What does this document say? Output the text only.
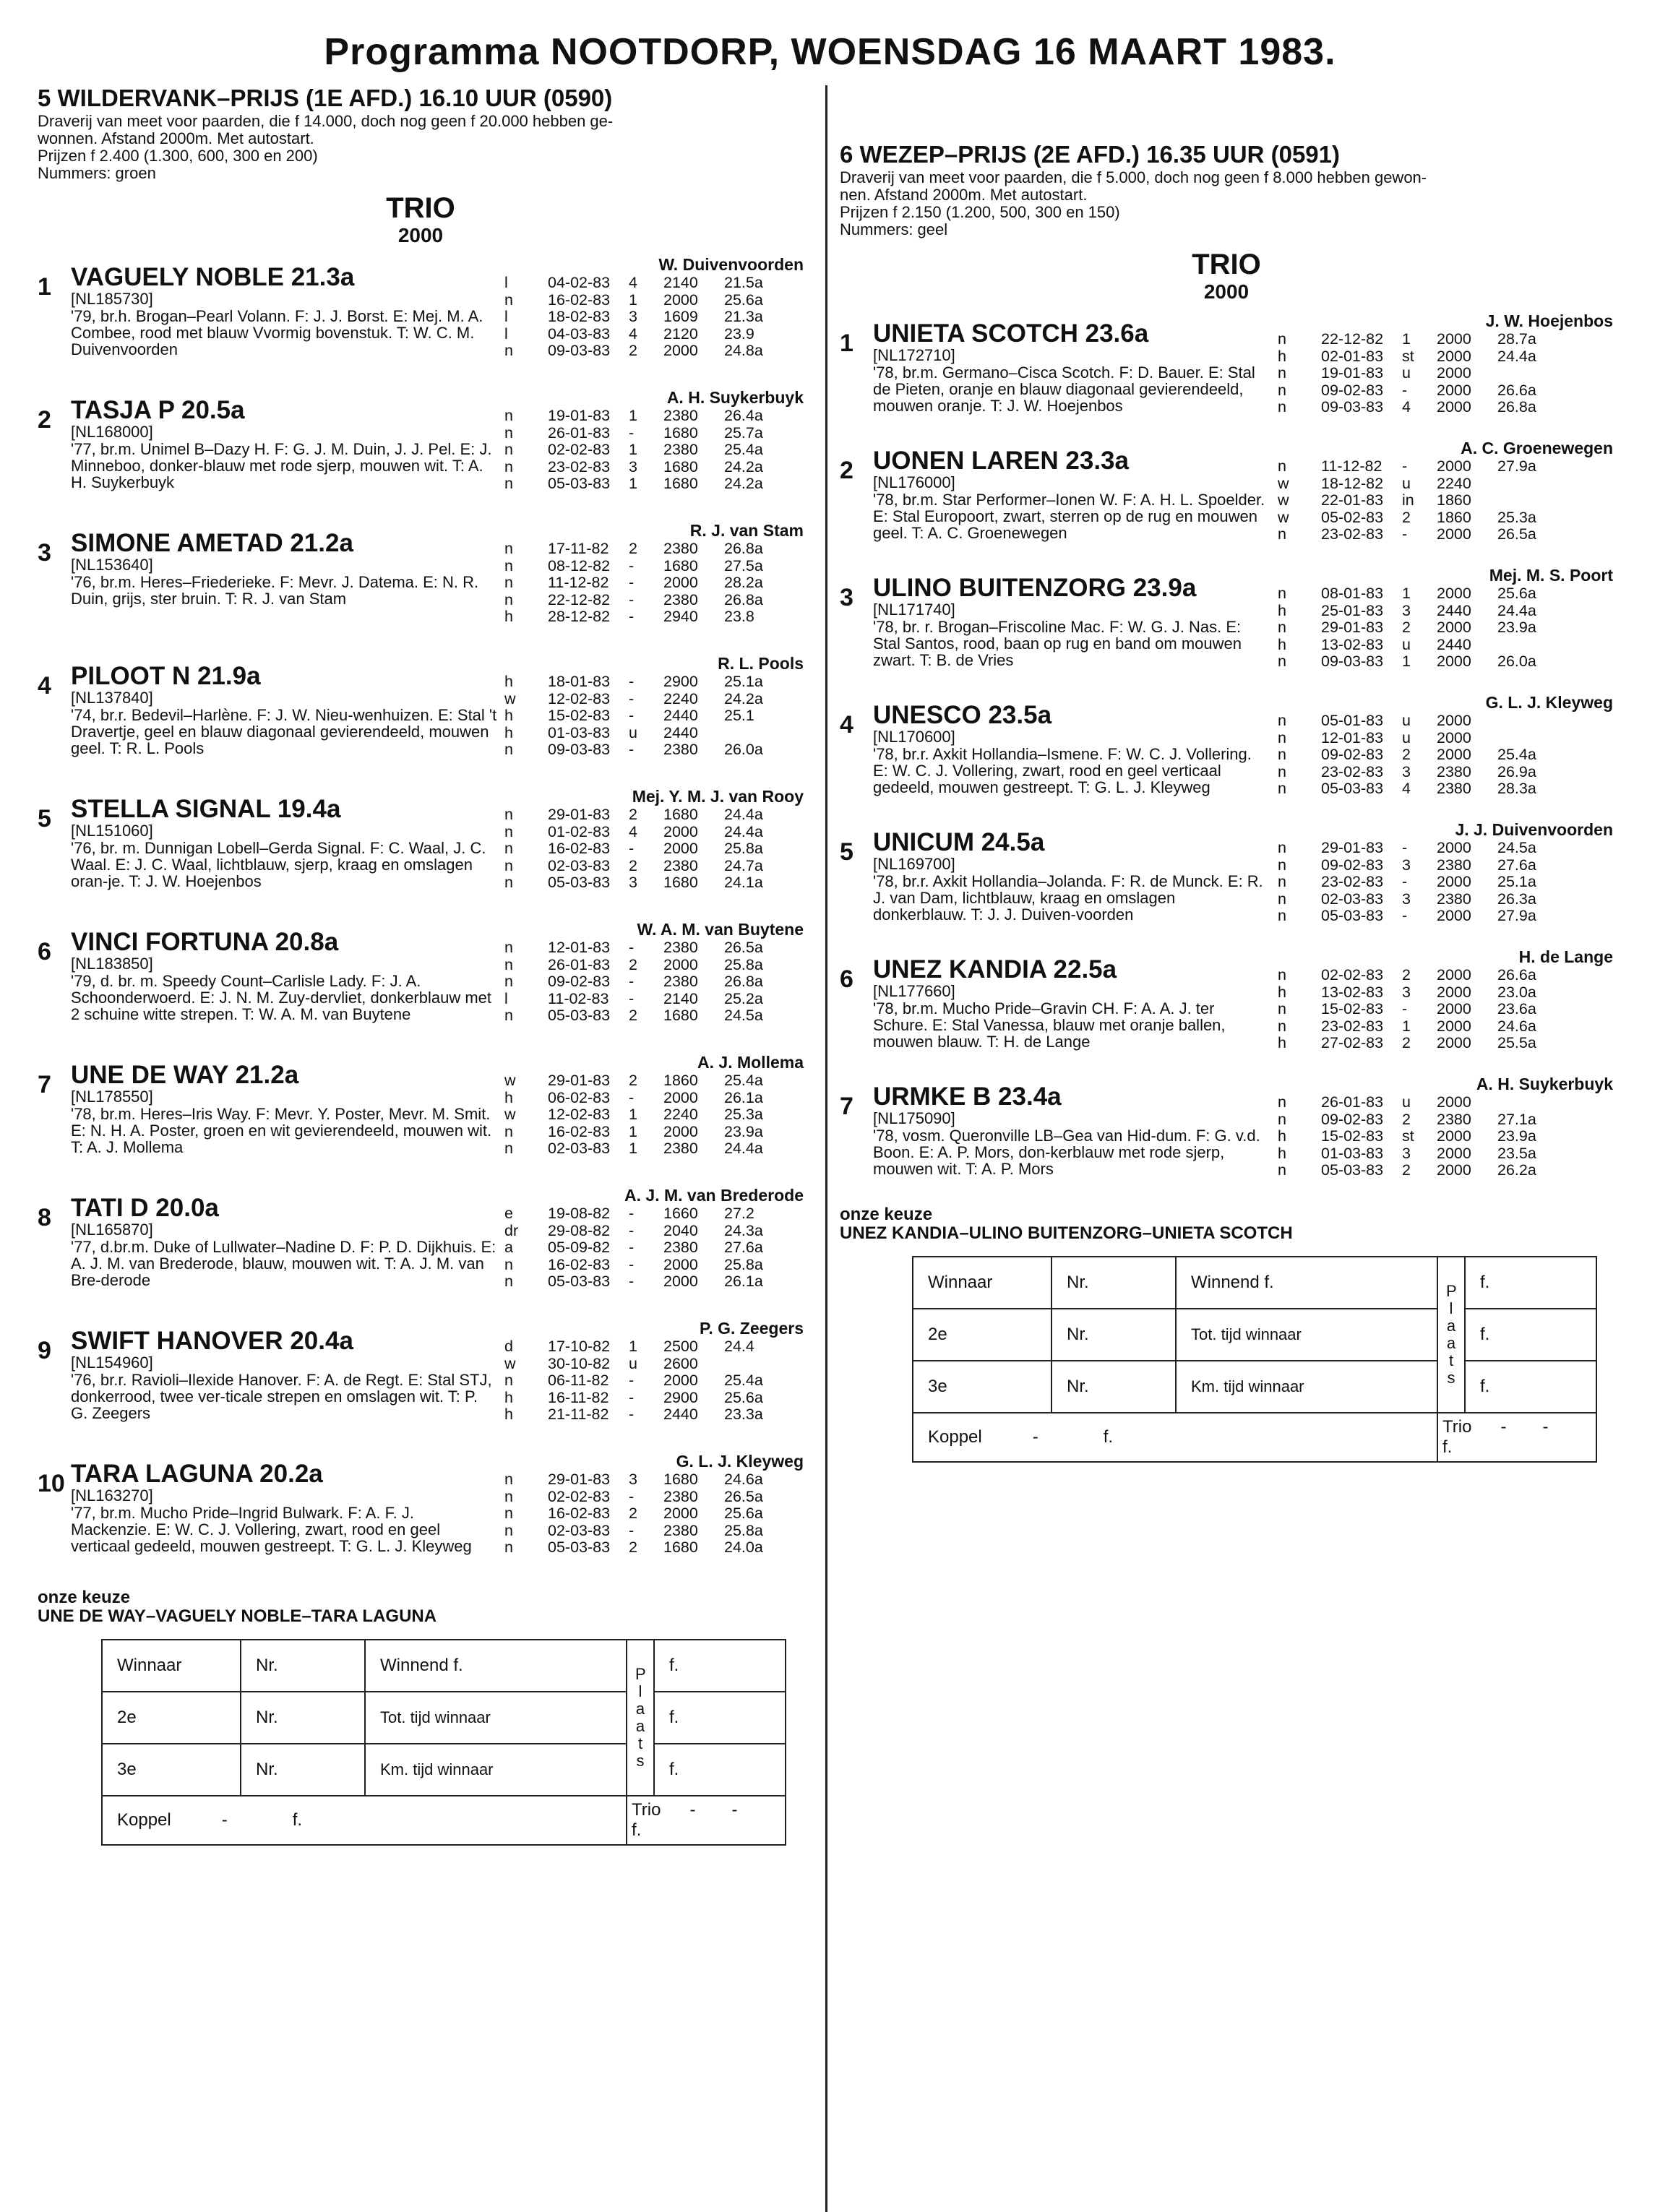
Programma NOOTDORP, WOENSDAG 16 MAART 1983.
5 WILDERVANK–PRIJS (1E AFD.) 16.10 UUR (0590)
Draverij van meet voor paarden, die f 14.000, doch nog geen f 20.000 hebben ge-
wonnen. Afstand 2000m. Met autostart.
Prijzen f 2.400 (1.300, 600, 300 en 200)
Nummers: groen
TRIO
2000
1 VAGUELY NOBLE 21.3a
[NL185730]
'79, br.h. Brogan–Pearl Volann. F: J. J. Borst. E: Mej. M. A. Combee, rood met blauw Vvormig bovenstuk. T: W. C. M. Duivenvoorden
W. Duivenvoorden
l	04-02-83	4	2140	21.5a
n	16-02-83	1	2000	25.6a
l	18-02-83	3	1609	21.3a
l	04-03-83	4	2120	23.9
n	09-03-83	2	2000	24.8a
2 TASJA P 20.5a
[NL168000]
'77, br.m. Unimel B–Dazy H. F: G. J. M. Duin, J. J. Pel. E: J. Minneboo, donker-blauw met rode sjerp, mouwen wit. T: A. H. Suykerbuyk
A. H. Suykerbuyk
n	19-01-83	1	2380	26.4a
n	26-01-83	-	1680	25.7a
n	02-02-83	1	2380	25.4a
n	23-02-83	3	1680	24.2a
n	05-03-83	1	1680	24.2a
3 SIMONE AMETAD 21.2a
[NL153640]
'76, br.m. Heres–Friederieke. F: Mevr. J. Datema. E: N. R. Duin, grijs, ster bruin. T: R. J. van Stam
R. J. van Stam
n	17-11-82	2	2380	26.8a
n	08-12-82	-	1680	27.5a
n	11-12-82	-	2000	28.2a
n	22-12-82	-	2380	26.8a
h	28-12-82	-	2940	23.8
4 PILOOT N 21.9a
[NL137840]
'74, br.r. Bedevil–Harlène. F: J. W. Nieu-wenhuizen. E: Stal 't Dravertje, geel en blauw diagonaal gevierendeeld, mouwen geel. T: R. L. Pools
R. L. Pools
h	18-01-83	-	2900	25.1a
w	12-02-83	-	2240	24.2a
h	15-02-83	-	2440	25.1
h	01-03-83	u	2440	
n	09-03-83	-	2380	26.0a
5 STELLA SIGNAL 19.4a
[NL151060]
'76, br. m. Dunnigan Lobell–Gerda Signal. F: C. Waal, J. C. Waal. E: J. C. Waal, lichtblauw, sjerp, kraag en omslagen oran-je. T: J. W. Hoejenbos
Mej. Y. M. J. van Rooy
n	29-01-83	2	1680	24.4a
n	01-02-83	4	2000	24.4a
n	16-02-83	-	2000	25.8a
n	02-03-83	2	2380	24.7a
n	05-03-83	3	1680	24.1a
6 VINCI FORTUNA 20.8a
[NL183850]
'79, d. br. m. Speedy Count–Carlisle Lady. F: J. A. Schoonderwoerd. E: J. N. M. Zuy-dervliet, donkerblauw met 2 schuine witte strepen. T: W. A. M. van Buytene
W. A. M. van Buytene
n	12-01-83	-	2380	26.5a
n	26-01-83	2	2000	25.8a
n	09-02-83	-	2380	26.8a
l	11-02-83	-	2140	25.2a
n	05-03-83	2	1680	24.5a
7 UNE DE WAY 21.2a
[NL178550]
'78, br.m. Heres–Iris Way. F: Mevr. Y. Poster, Mevr. M. Smit. E: N. H. A. Poster, groen en wit gevierendeeld, mouwen wit. T: A. J. Mollema
A. J. Mollema
w	29-01-83	2	1860	25.4a
h	06-02-83	-	2000	26.1a
w	12-02-83	1	2240	25.3a
n	16-02-83	1	2000	23.9a
n	02-03-83	1	2380	24.4a
8 TATI D 20.0a
[NL165870]
'77, d.br.m. Duke of Lullwater–Nadine D. F: P. D. Dijkhuis. E: A. J. M. van Brederode, blauw, mouwen wit. T: A. J. M. van Bre-derode
A. J. M. van Brederode
e	19-08-82	-	1660	27.2
dr	29-08-82	-	2040	24.3a
a	05-09-82	-	2380	27.6a
n	16-02-83	-	2000	25.8a
n	05-03-83	-	2000	26.1a
9 SWIFT HANOVER 20.4a
[NL154960]
'76, br.r. Ravioli–Ilexide Hanover. F: A. de Regt. E: Stal STJ, donkerrood, twee ver-ticale strepen en omslagen wit. T: P. G. Zeegers
P. G. Zeegers
d	17-10-82	1	2500	24.4
w	30-10-82	u	2600	
n	06-11-82	-	2000	25.4a
h	16-11-82	-	2900	25.6a
h	21-11-82	-	2440	23.3a
10 TARA LAGUNA 20.2a
[NL163270]
'77, br.m. Mucho Pride–Ingrid Bulwark. F: A. F. J. Mackenzie. E: W. C. J. Vollering, zwart, rood en geel verticaal gedeeld, mouwen gestreept. T: G. L. J. Kleyweg
G. L. J. Kleyweg
n	29-01-83	3	1680	24.6a
n	02-02-83	-	2380	26.5a
n	16-02-83	2	2000	25.6a
n	02-03-83	-	2380	25.8a
n	05-03-83	2	1680	24.0a
onze keuze
UNE DE WAY–VAGUELY NOBLE–TARA LAGUNA
Winnaar	Nr.	Winnend f.	Plaats	f.
2e	Nr.	Tot. tijd winnaar		f.
3e	Nr.	Km. tijd winnaar		f.
Koppel - f.			Trio - -f.	
6 WEZEP–PRIJS (2E AFD.) 16.35 UUR (0591)
Draverij van meet voor paarden, die f 5.000, doch nog geen f 8.000 hebben gewon-
nen. Afstand 2000m. Met autostart.
Prijzen f 2.150 (1.200, 500, 300 en 150)
Nummers: geel
TRIO
2000
1 UNIETA SCOTCH 23.6a
[NL172710]
'78, br.m. Germano–Cisca Scotch. F: D. Bauer. E: Stal de Pieten, oranje en blauw diagonaal gevierendeeld, mouwen oranje. T: J. W. Hoejenbos
J. W. Hoejenbos
n	22-12-82	1	2000	28.7a
h	02-01-83	st	2000	24.4a
n	19-01-83	u	2000	
n	09-02-83	-	2000	26.6a
n	09-03-83	4	2000	26.8a
2 UONEN LAREN 23.3a
[NL176000]
'78, br.m. Star Performer–Ionen W. F: A. H. L. Spoelder. E: Stal Europoort, zwart, sterren op de rug en mouwen geel. T: A. C. Groenewegen
A. C. Groenewegen
n	11-12-82	-	2000	27.9a
w	18-12-82	u	2240	
w	22-01-83	in	1860	
w	05-02-83	2	1860	25.3a
n	23-02-83	-	2000	26.5a
3 ULINO BUITENZORG 23.9a
[NL171740]
'78, br. r. Brogan–Friscoline Mac. F: W. G. J. Nas. E: Stal Santos, rood, baan op rug en band om mouwen zwart. T: B. de Vries
Mej. M. S. Poort
n	08-01-83	1	2000	25.6a
h	25-01-83	3	2440	24.4a
n	29-01-83	2	2000	23.9a
h	13-02-83	u	2440	
n	09-03-83	1	2000	26.0a
4 UNESCO 23.5a
[NL170600]
'78, br.r. Axkit Hollandia–Ismene. F: W. C. J. Vollering. E: W. C. J. Vollering, zwart, rood en geel verticaal gedeeld, mouwen gestreept. T: G. L. J. Kleyweg
G. L. J. Kleyweg
n	05-01-83	u	2000	
n	12-01-83	u	2000	
n	09-02-83	2	2000	25.4a
n	23-02-83	3	2380	26.9a
n	05-03-83	4	2380	28.3a
5 UNICUM 24.5a
[NL169700]
'78, br.r. Axkit Hollandia–Jolanda. F: R. de Munck. E: R. J. van Dam, lichtblauw, kraag en omslagen donkerblauw. T: J. J. Duiven-voorden
J. J. Duivenvoorden
n	29-01-83	-	2000	24.5a
n	09-02-83	3	2380	27.6a
n	23-02-83	-	2000	25.1a
n	02-03-83	3	2380	26.3a
n	05-03-83	-	2000	27.9a
6 UNEZ KANDIA 22.5a
[NL177660]
'78, br.m. Mucho Pride–Gravin CH. F: A. A. J. ter Schure. E: Stal Vanessa, blauw met oranje ballen, mouwen blauw. T: H. de Lange
H. de Lange
n	02-02-83	2	2000	26.6a
h	13-02-83	3	2000	23.0a
n	15-02-83	-	2000	23.6a
n	23-02-83	1	2000	24.6a
h	27-02-83	2	2000	25.5a
7 URMKE B 23.4a
[NL175090]
'78, vosm. Queronville LB–Gea van Hid-dum. F: G. v.d. Boon. E: A. P. Mors, don-kerblauw met rode sjerp, mouwen wit. T: A. P. Mors
A. H. Suykerbuyk
n	26-01-83	u	2000	
n	09-02-83	2	2380	27.1a
h	15-02-83	st	2000	23.9a
h	01-03-83	3	2000	23.5a
n	05-03-83	2	2000	26.2a
onze keuze
UNEZ KANDIA–ULINO BUITENZORG–UNIETA SCOTCH
Winnaar	Nr.	Winnend f.	Plaats	f.
2e	Nr.	Tot. tijd winnaar		f.
3e	Nr.	Km. tijd winnaar		f.
Koppel - f.			Trio - -f.	
